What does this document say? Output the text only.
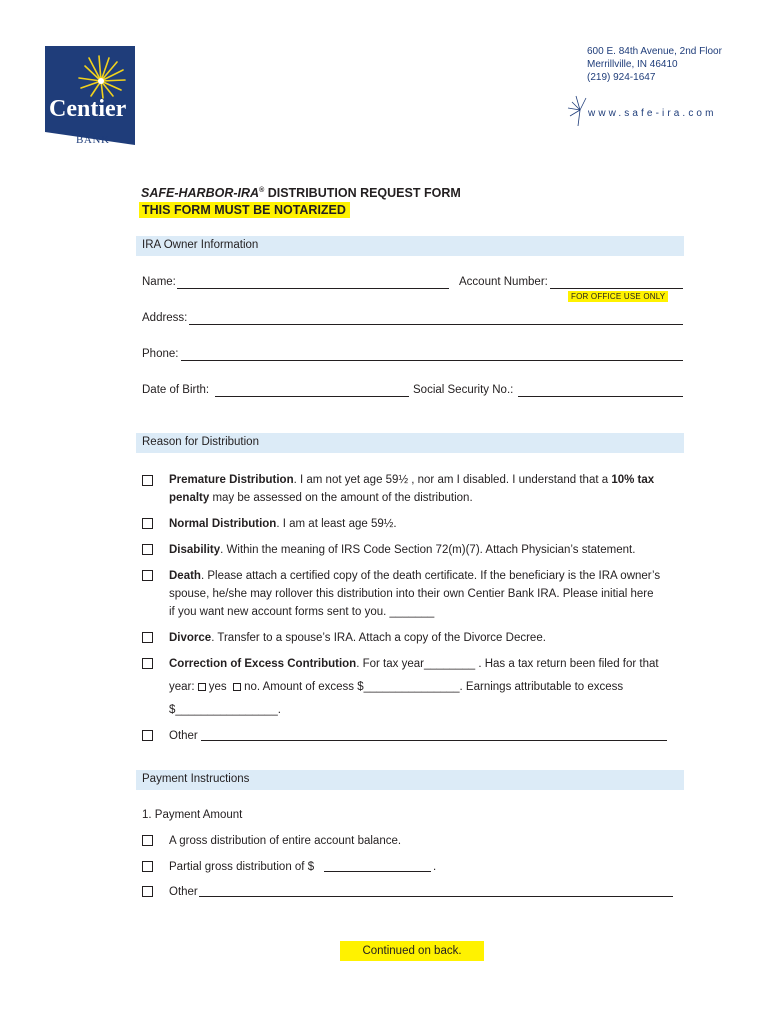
Centier
BANK
600 E. 84th Avenue, 2nd Floor
Merrillville, IN 46410
(219) 924-1647
www.safe-ira.com
SAFE-HARBOR-IRA® DISTRIBUTION REQUEST FORM
THIS FORM MUST BE NOTARIZED
IRA Owner Information
Name:	Account Number:
FOR OFFICE USE ONLY
Address:
Phone:
Date of Birth:	Social Security No.:
Reason for Distribution
Premature Distribution. I am not yet age 59½ , nor am I disabled. I understand that a 10% tax
penalty may be assessed on the amount of the distribution.
Normal Distribution. I am at least age 59½.
Disability. Within the meaning of IRS Code Section 72(m)(7). Attach Physician’s statement.
Death. Please attach a certified copy of the death certificate. If the beneficiary is the IRA owner’s
spouse, he/she may rollover this distribution into their own Centier Bank IRA. Please initial here
if you want new account forms sent to you. _______
Divorce. Transfer to a spouse’s IRA. Attach a copy of the Divorce Decree.
Correction of Excess Contribution. For tax year________ . Has a tax return been filed for that
year: yes no. Amount of excess $_______________. Earnings attributable to excess
$________________.
Other
Payment Instructions
1. Payment Amount
A gross distribution of entire account balance.
Partial gross distribution of $	.
Other
Continued on back.
